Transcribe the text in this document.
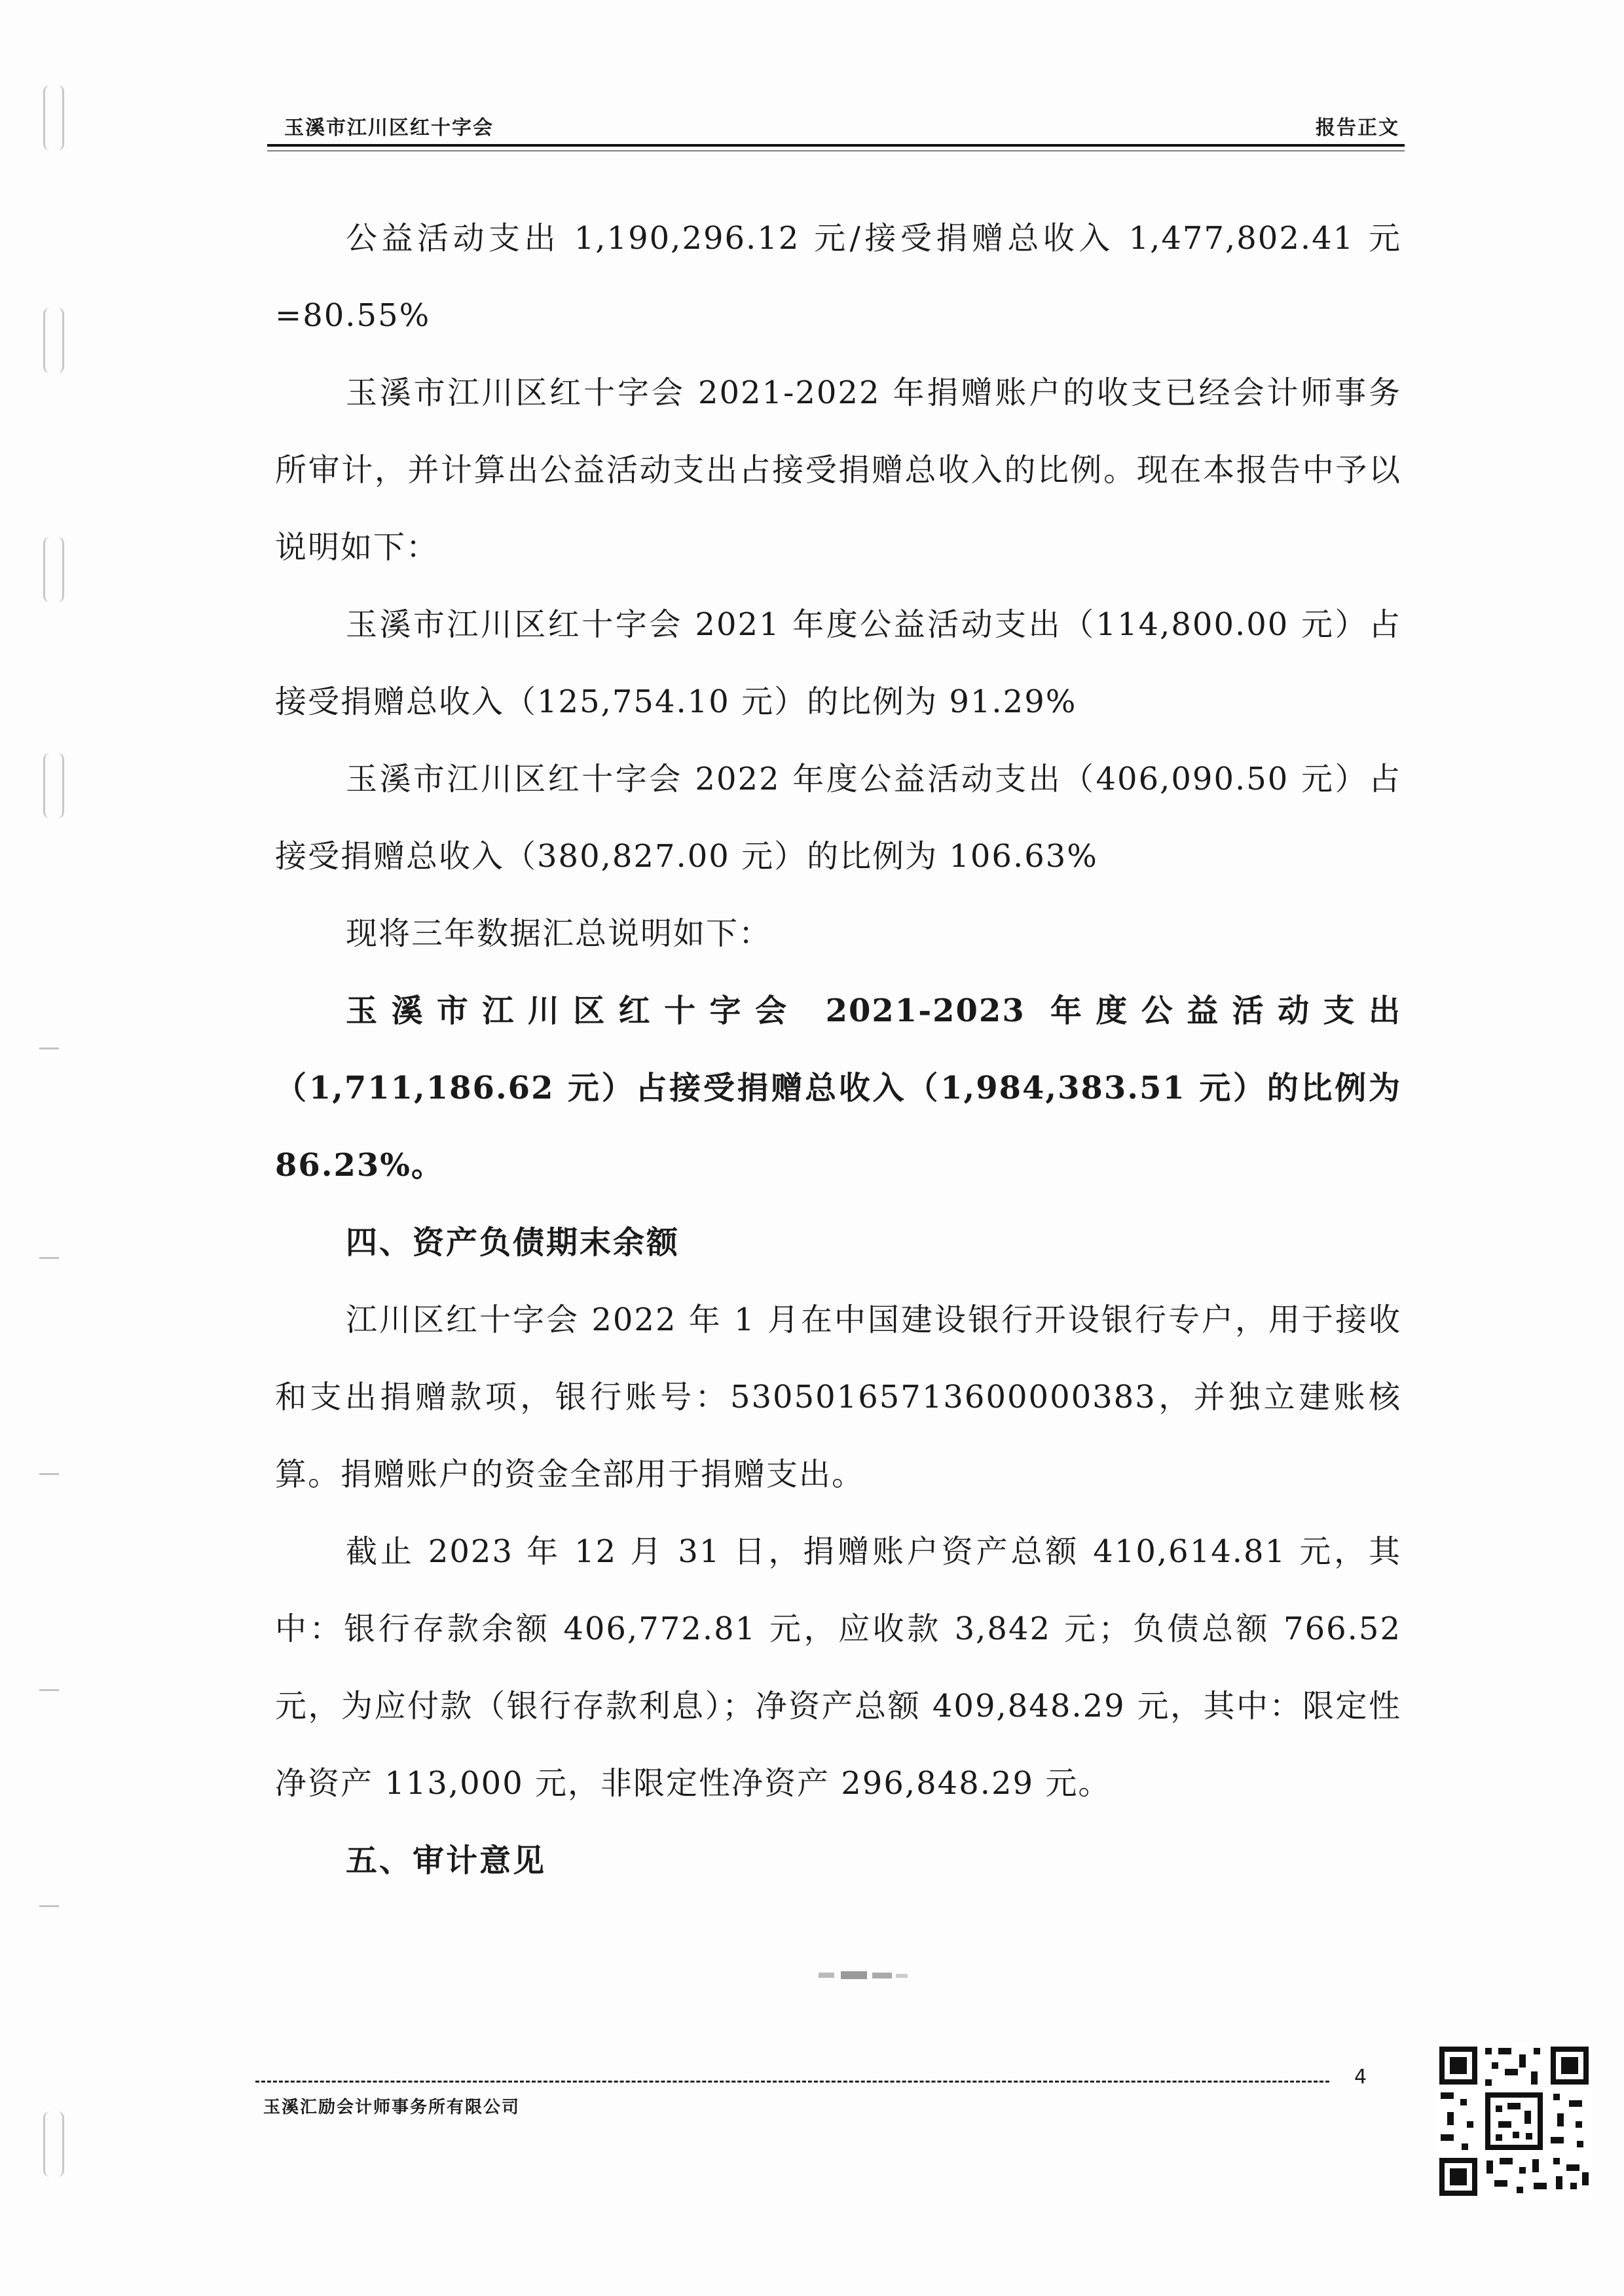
玉溪市江川区红十字会	报告正文

公益活动支出 1,190,296.12 元/接受捐赠总收入 1,477,802.41 元=80.55%

玉溪市江川区红十字会 2021-2022 年捐赠账户的收支已经会计师事务所审计，并计算出公益活动支出占接受捐赠总收入的比例。现在本报告中予以说明如下：

玉溪市江川区红十字会 2021 年度公益活动支出（114,800.00 元）占接受捐赠总收入（125,754.10 元）的比例为 91.29%

玉溪市江川区红十字会 2022 年度公益活动支出（406,090.50 元）占接受捐赠总收入（380,827.00 元）的比例为 106.63%

现将三年数据汇总说明如下：

玉溪市江川区红十字会 2021-2023 年度公益活动支出（1,711,186.62 元）占接受捐赠总收入（1,984,383.51 元）的比例为 86.23%。

四、资产负债期末余额

江川区红十字会 2022 年 1 月在中国建设银行开设银行专户，用于接收和支出捐赠款项，银行账号：53050165713600000383，并独立建账核算。捐赠账户的资金全部用于捐赠支出。

截止 2023 年 12 月 31 日，捐赠账户资产总额 410,614.81 元，其中：银行存款余额 406,772.81 元，应收款 3,842 元；负债总额 766.52 元，为应付款（银行存款利息）；净资产总额 409,848.29 元，其中：限定性净资产 113,000 元，非限定性净资产 296,848.29 元。

五、审计意见

4
玉溪汇励会计师事务所有限公司
